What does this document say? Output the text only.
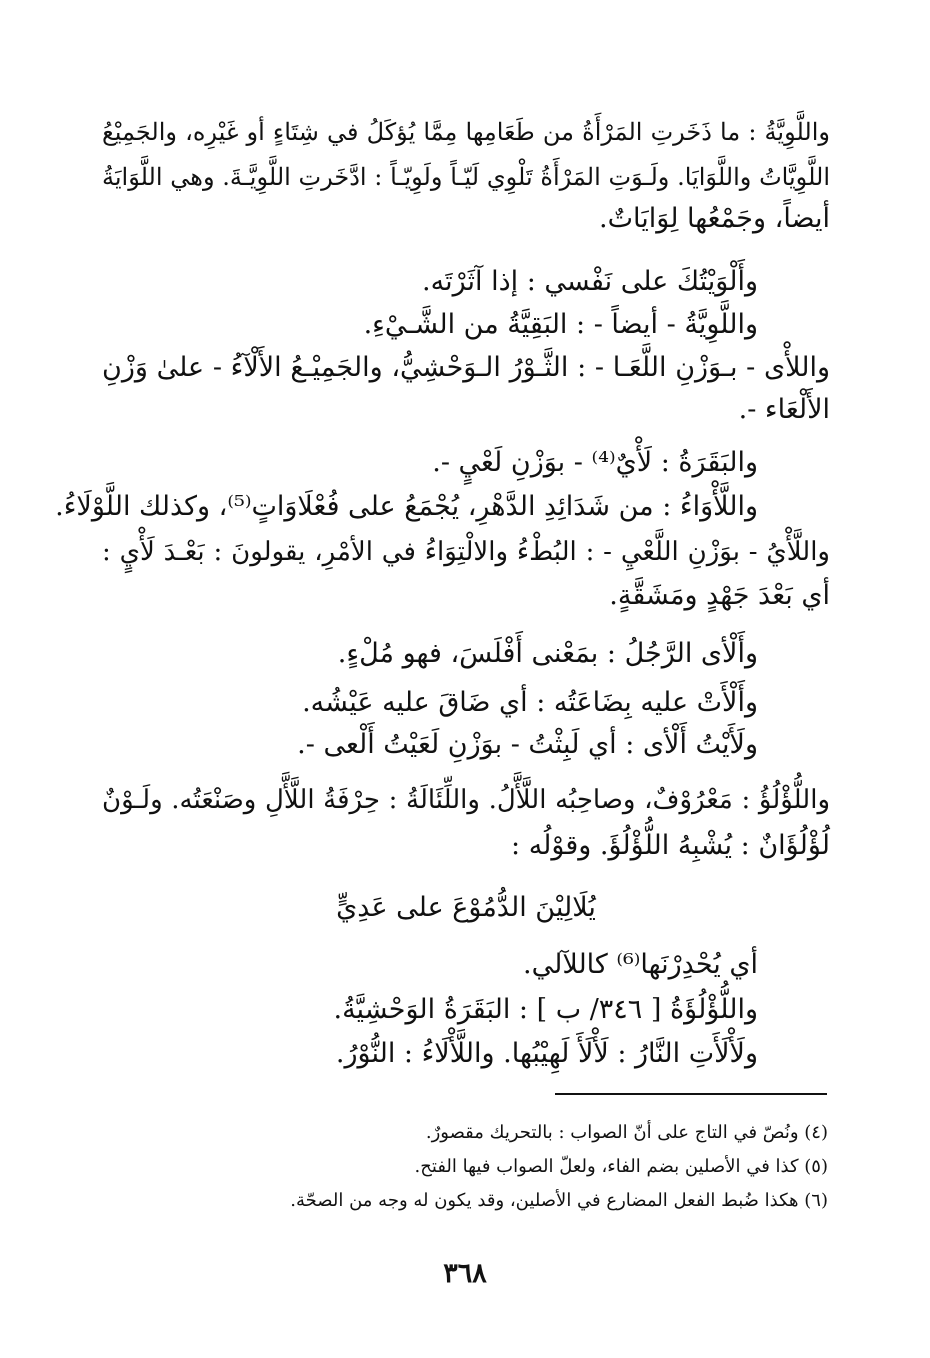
واللَّوِيَّةُ : ما ذَخَرتِ المَرْأَةُ من طَعَامِها مِمَّا يُؤكَلُ في شِتَاءٍ أو غَيْرِه، والجَمِيْعُ
اللَّوِيَّاتُ واللَّوَايَا. ولَـوَتِ المَرْأَةُ تَلْوِي لَيّـاً ولَوِيّـاً : ادَّخَرتِ اللَّوِيَّـةَ. وهي اللَّوَايَةُ
أيضاً، وجَمْعُها لِوَايَاتٌ.
وأَلْوَيْتُكَ على نَفْسي : إذا آثَرْتَه.
واللَّوِيَّةُ - أيضاً - : البَقِيَّةُ من الشَّـيْءِ.
واللأْى - بـوَزْنِ اللَّعَـا - : الثَّـوْرُ الـوَحْشِيُّ، والجَمِيْـعُ الأَلْآءُ - علىٰ وَزْنِ
الأَلْعَاء -.
والبَقَرَةُ : لَأْيٌ⁽⁴⁾ - بوَزْنِ لَعْيٍ -.
واللَّأْوَاءُ : من شَدَائِدِ الدَّهْرِ، يُجْمَعُ على فُعْلَاوَاتٍ⁽⁵⁾، وكذلك اللَّوْلَاءُ.
واللَّأْيُ - بوَزْنِ اللَّعْيِ - : البُطْءُ والالْتِوَاءُ في الأمْرِ، يقولونَ : بَعْـدَ لَأْيٍ :
أي بَعْدَ جَهْدٍ ومَشَقَّةٍ.
وأَلْأى الرَّجُلُ : بمَعْنى أَفْلَسَ، فهو مُلْءٍ.
وأَلْأَتْ عليه بِضَاعَتُه : أي ضَاقَ عليه عَيْشُه.
ولَأَيْتُ أَلْأى : أي لَبِثْتُ - بوَزْنِ لَعَيْتُ أَلْعى -.
واللُّؤْلُؤُ : مَعْرُوْفٌ، وصاحِبُه اللَّأَّلُ. واللِّئَالَةُ : حِرْفَةُ اللَّأَّلِ وصَنْعَتُه. ولَـوْنٌ
لُؤْلُؤَانٌ : يُشْبِهُ اللُّؤْلُؤَ. وقوْلُه :
يُلَالِيْنَ الدُّمُوْعَ على عَدِيٍّ
أي يُحْدِرْنَها⁽⁶⁾ كاللآلي.
واللُّؤْلُؤَةُ [ ٣٤٦/ ب ] : البَقَرَةُ الوَحْشِيَّةُ.
ولَأْلَأَتِ النَّارُ : لَأْلَأَ لَهِيْبُها. واللَّأْلَاءُ : النُّوْرُ.
(٤) ونُصّ في التاج على أنّ الصواب : بالتحريك مقصورٌ.
(٥) كذا في الأصلين بضم الفاء، ولعلّ الصواب فيها الفتح.
(٦) هكذا ضُبط الفعل المضارع في الأصلين، وقد يكون له وجه من الصحّة.
٣٦٨
